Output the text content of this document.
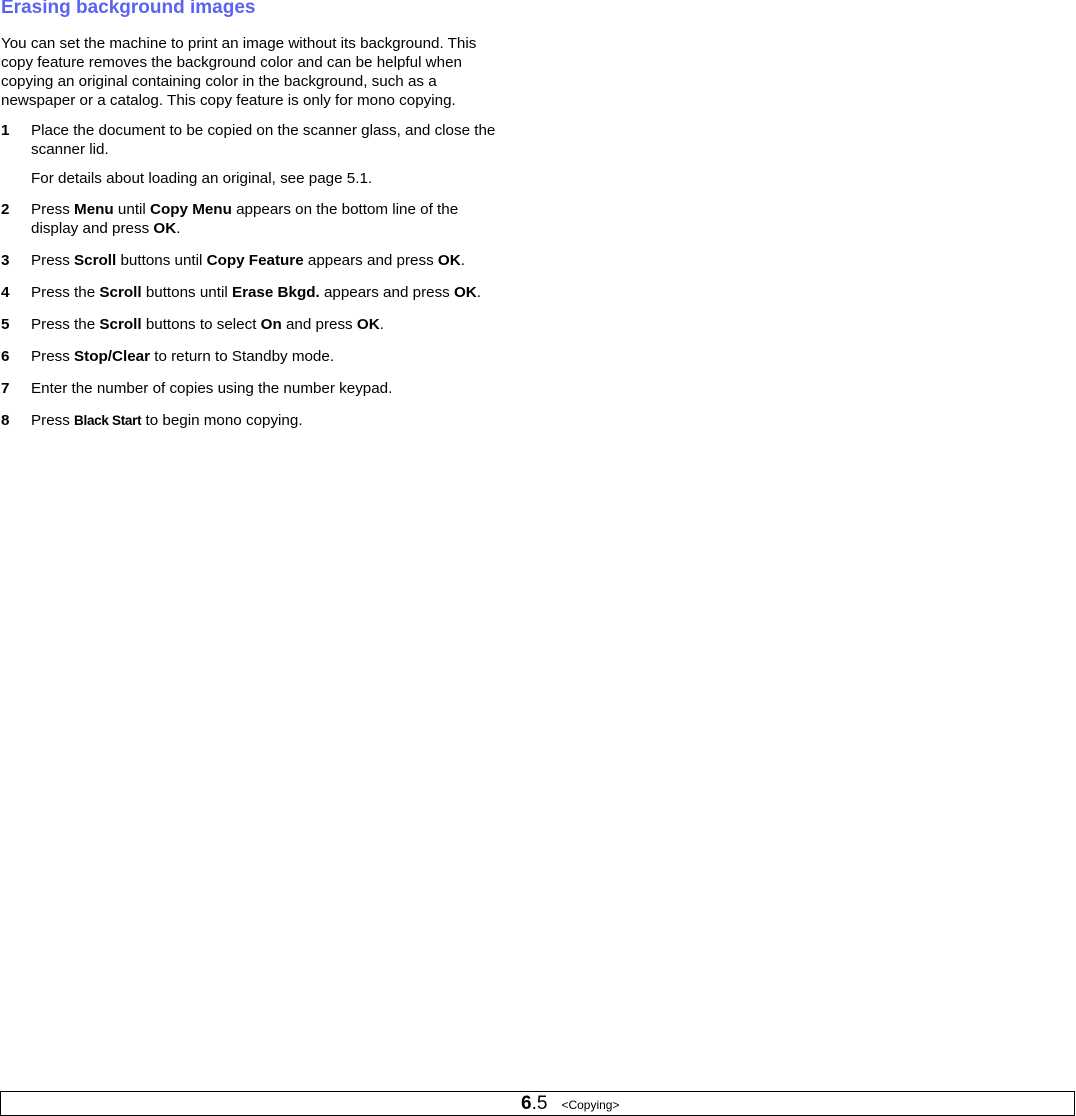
Erasing background images

You can set the machine to print an image without its background. This copy feature removes the background color and can be helpful when copying an original containing color in the background, such as a newspaper or a catalog. This copy feature is only for mono copying.

1 Place the document to be copied on the scanner glass, and close the scanner lid.
For details about loading an original, see page 5.1.
2 Press Menu until Copy Menu appears on the bottom line of the display and press OK.
3 Press Scroll buttons until Copy Feature appears and press OK.
4 Press the Scroll buttons until Erase Bkgd. appears and press OK.
5 Press the Scroll buttons to select On and press OK.
6 Press Stop/Clear to return to Standby mode.
7 Enter the number of copies using the number keypad.
8 Press Black Start to begin mono copying.
6.5 <Copying>
